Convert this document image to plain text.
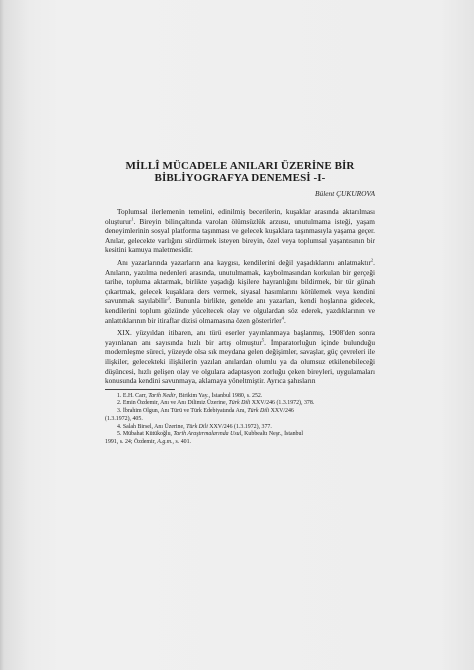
MİLLÎ MÜCADELE ANILARI ÜZERİNE BİR
BİBLİYOGRAFYA DENEMESİ -I-
Bülent ÇUKUROVA

Toplumsal ilerlemenin temelini, edinilmiş becerilerin, kuşaklar arasında aktarılması oluşturur$^1$. Bireyin bilinçaltında varolan ölümsüzlük arzusu, unutulmama isteği, yaşam deneyimlerinin sosyal platforma taşınması ve gelecek kuşaklara taşınmasıyla yaşama geçer. Anılar, gelecekte varlığını sürdürmek isteyen bireyin, özel veya toplumsal yaşantısının bir kesitini kamuya maletmesidir.

Anı yazarlarında yazarların ana kaygısı, kendilerini değil yaşadıklarını anlatmaktır$^2$. Anıların, yazılma nedenleri arasında, unutulmamak, kaybolmasından korkulan bir gerçeği tarihe, topluma aktarmak, birlikte yaşadığı kişilere hayranlığını bildirmek, bir tür günah çıkartmak, gelecek kuşaklara ders vermek, siyasal hasımlarını kötülemek veya kendini savunmak sayılabilir$^3$. Bununla birlikte, genelde anı yazarları, kendi hoşlarına gidecek, kendilerini toplum gözünde yüceltecek olay ve olgulardan söz ederek, yazdıklarının ve anlattıklarının bir itiraflar dizisi olmamasına özen gösterirler$^4$.

XIX. yüzyıldan itibaren, anı türü eserler yayınlanmaya başlanmış, 1908'den sonra yayınlanan anı sayısında hızlı bir artış olmuştur$^5$. İmparatorluğun içinde bulunduğu modernleşme süreci, yüzeyde olsa sık meydana gelen değişimler, savaşlar, güç çevreleri ile ilişkiler, gelecekteki ilişkilerin yazılan anılardan olumlu ya da olumsuz etkilenebileceği düşüncesi, hızlı gelişen olay ve olgulara adaptasyon zorluğu çeken bireyleri, uygulamaları konusunda kendini savunmaya, aklamaya yöneltmiştir. Ayrıca şahısların

1. E.H. Carr, Tarih Nedir, Birikim Yay., İstanbul 1980, s. 252.

2. Emin Özdemir, Anı ve Anı Dilimiz Üzerine, Türk Dili XXV/246 (1.3.1972), 378.

3. İbrahim Olgun, Anı Türü ve Türk Edebiyatında Anı, Türk Dili XXV/246

(1.3.1972), 405.

4. Salah Birsel, Anı Üzerine, Türk Dili XXV/246 (1.3.1972), 377.

5. Mübahat Kütükoğlu, Tarih Araştırmalarında Usul, Kubbealtı Neşr., İstanbul

1991, s. 24; Özdemir, A.g.m., s. 401.
